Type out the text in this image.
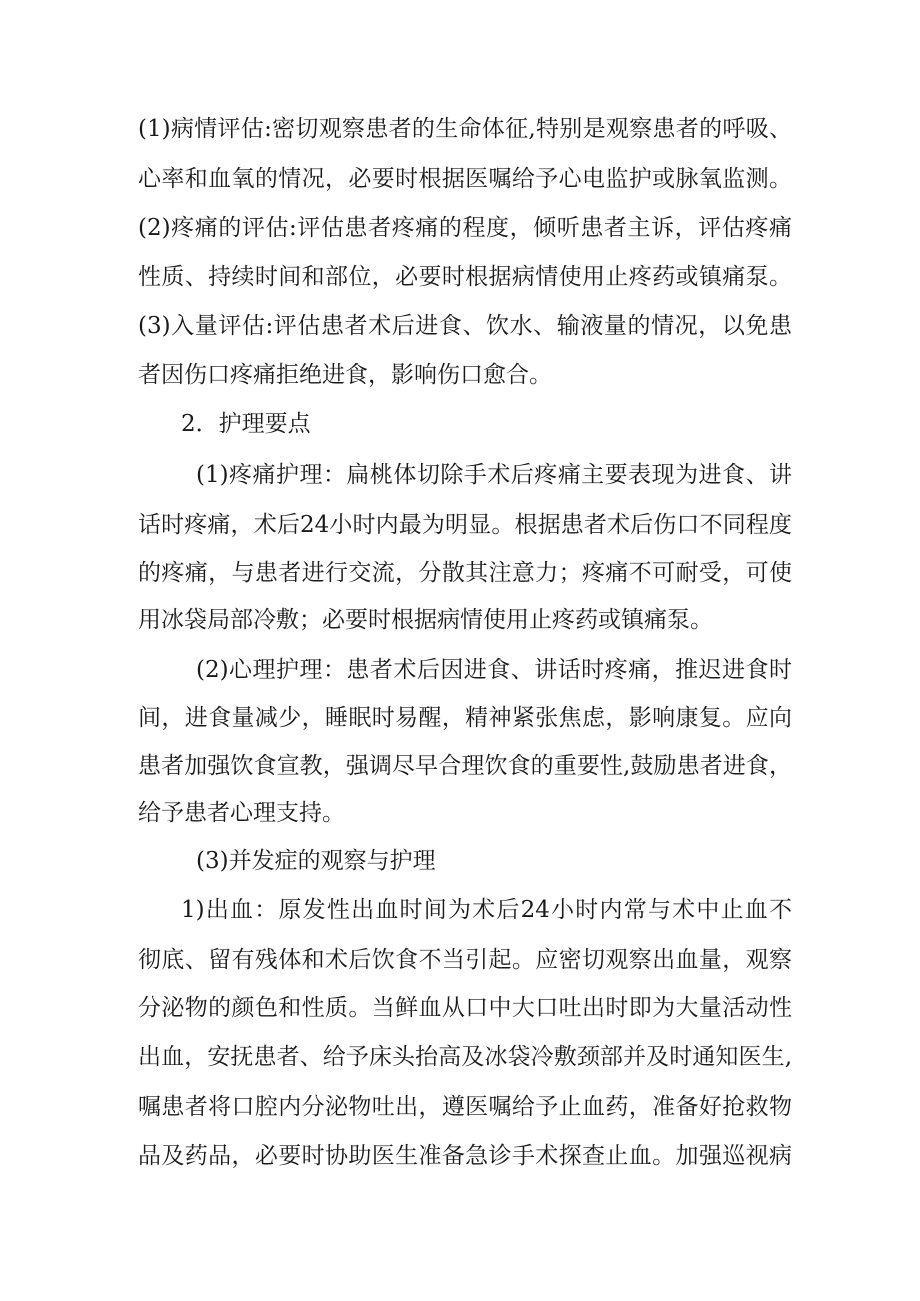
(1)病情评估:密切观察患者的生命体征,特别是观察患者的呼吸、
心率和血氧的情况，必要时根据医嘱给予心电监护或脉氧监测。
(2)疼痛的评估:评估患者疼痛的程度，倾听患者主诉，评估疼痛
性质、持续时间和部位，必要时根据病情使用止疼药或镇痛泵。
(3)入量评估:评估患者术后进食、饮水、输液量的情况，以免患
者因伤口疼痛拒绝进食，影响伤口愈合。
2．护理要点
(1)疼痛护理：扁桃体切除手术后疼痛主要表现为进食、讲
话时疼痛，术后24小时内最为明显。根据患者术后伤口不同程度
的疼痛，与患者进行交流，分散其注意力；疼痛不可耐受，可使
用冰袋局部冷敷；必要时根据病情使用止疼药或镇痛泵。
(2)心理护理：患者术后因进食、讲话时疼痛，推迟进食时
间，进食量减少，睡眠时易醒，精神紧张焦虑，影响康复。应向
患者加强饮食宣教，强调尽早合理饮食的重要性,鼓励患者进食，
给予患者心理支持。
(3)并发症的观察与护理
1)出血：原发性出血时间为术后24小时内常与术中止血不
彻底、留有残体和术后饮食不当引起。应密切观察出血量，观察
分泌物的颜色和性质。当鲜血从口中大口吐出时即为大量活动性
出血，安抚患者、给予床头抬高及冰袋冷敷颈部并及时通知医生,
嘱患者将口腔内分泌物吐出，遵医嘱给予止血药，准备好抢救物
品及药品，必要时协助医生准备急诊手术探查止血。加强巡视病
